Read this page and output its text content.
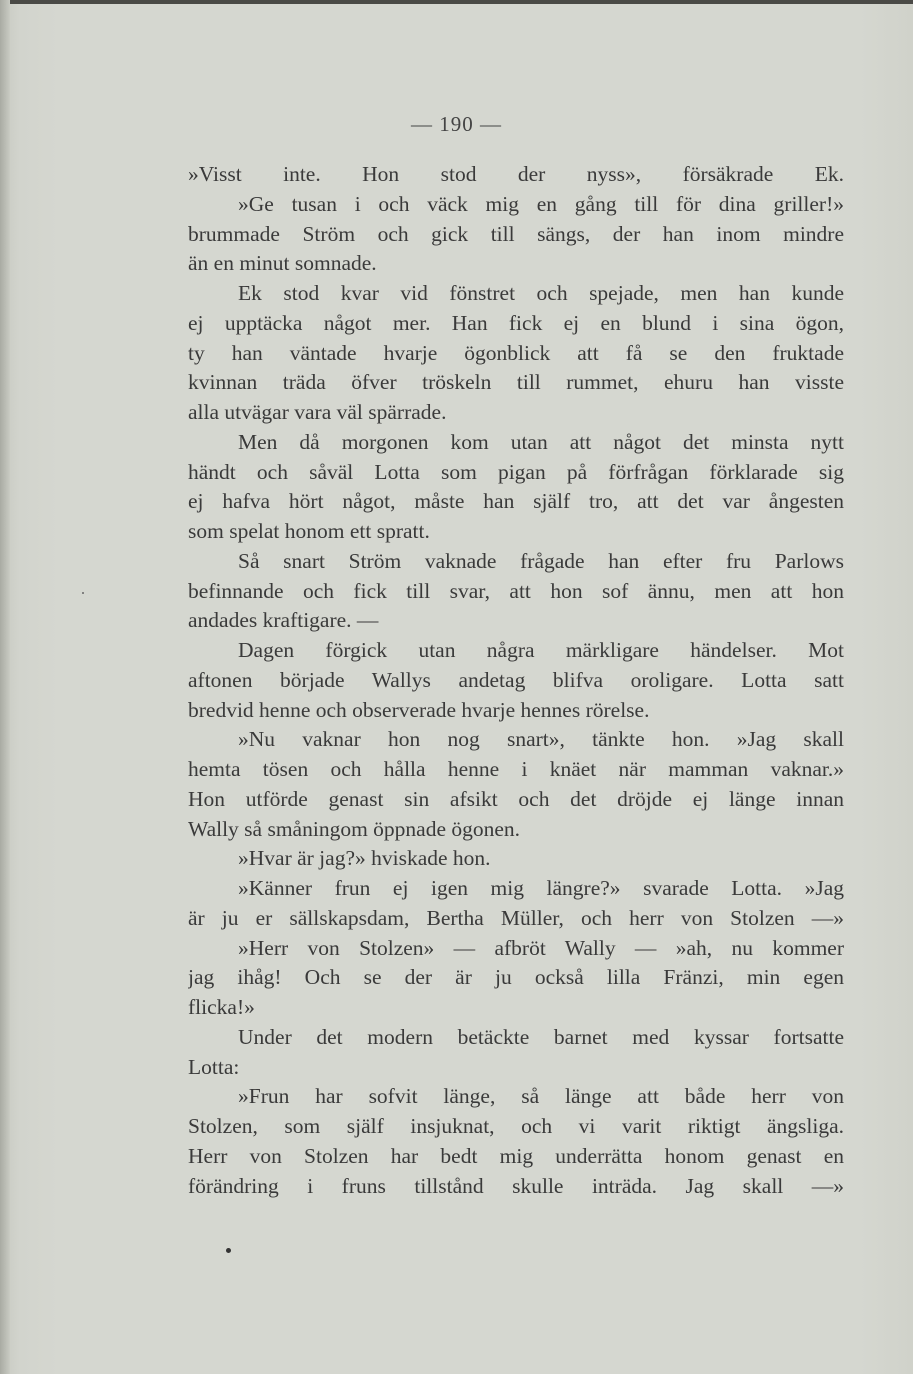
— 190 —
»Visst inte. Hon stod der nyss», försäkrade Ek.
»Ge tusan i och väck mig en gång till för dina griller!»
brummade Ström och gick till sängs, der han inom mindre
än en minut somnade.
Ek stod kvar vid fönstret och spejade, men han kunde
ej upptäcka något mer. Han fick ej en blund i sina ögon,
ty han väntade hvarje ögonblick att få se den fruktade
kvinnan träda öfver tröskeln till rummet, ehuru han visste
alla utvägar vara väl spärrade.
Men då morgonen kom utan att något det minsta nytt
händt och såväl Lotta som pigan på förfrågan förklarade sig
ej hafva hört något, måste han själf tro, att det var ångesten
som spelat honom ett spratt.
Så snart Ström vaknade frågade han efter fru Parlows
befinnande och fick till svar, att hon sof ännu, men att hon
andades kraftigare. —
Dagen förgick utan några märkligare händelser. Mot
aftonen började Wallys andetag blifva oroligare. Lotta satt
bredvid henne och observerade hvarje hennes rörelse.
»Nu vaknar hon nog snart», tänkte hon. »Jag skall
hemta tösen och hålla henne i knäet när mamman vaknar.»
Hon utförde genast sin afsikt och det dröjde ej länge innan
Wally så småningom öppnade ögonen.
»Hvar är jag?» hviskade hon.
»Känner frun ej igen mig längre?» svarade Lotta. »Jag
är ju er sällskapsdam, Bertha Müller, och herr von Stolzen —»
»Herr von Stolzen» — afbröt Wally — »ah, nu kommer
jag ihåg! Och se der är ju också lilla Fränzi, min egen
flicka!»
Under det modern betäckte barnet med kyssar fortsatte
Lotta:
»Frun har sofvit länge, så länge att både herr von
Stolzen, som själf insjuknat, och vi varit riktigt ängsliga.
Herr von Stolzen har bedt mig underrätta honom genast en
förändring i fruns tillstånd skulle inträda. Jag skall —»
